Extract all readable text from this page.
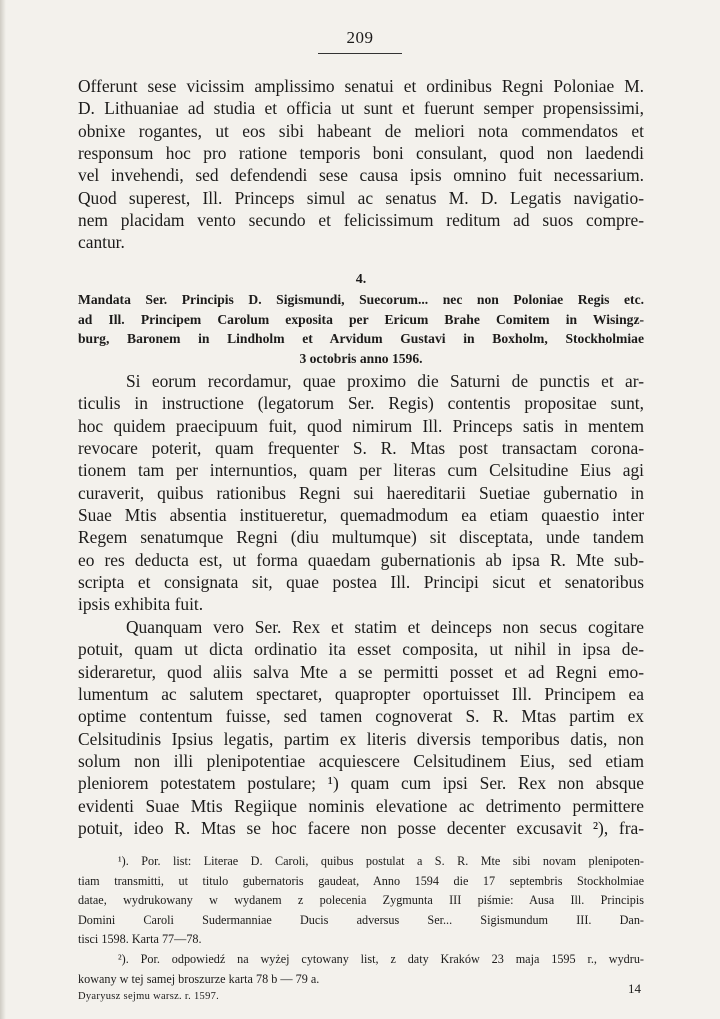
209
Offerunt sese vicissim amplissimo senatui et ordinibus Regni Poloniae M.
D. Lithuaniae ad studia et officia ut sunt et fuerunt semper propensissimi,
obnixe rogantes, ut eos sibi habeant de meliori nota commendatos et
responsum hoc pro ratione temporis boni consulant, quod non laedendi
vel invehendi, sed defendendi sese causa ipsis omnino fuit necessarium.
Quod superest, Ill. Princeps simul ac senatus M. D. Legatis navigatio-
nem placidam vento secundo et felicissimum reditum ad suos compre-
cantur.
4.
Mandata Ser. Principis D. Sigismundi, Suecorum... nec non Poloniae Regis etc.
ad Ill. Principem Carolum exposita per Ericum Brahe Comitem in Wisingz-
burg, Baronem in Lindholm et Arvidum Gustavi in Boxholm, Stockholmiae
3 octobris anno 1596.
Si eorum recordamur, quae proximo die Saturni de punctis et ar-
ticulis in instructione (legatorum Ser. Regis) contentis propositae sunt,
hoc quidem praecipuum fuit, quod nimirum Ill. Princeps satis in mentem
revocare poterit, quam frequenter S. R. Mtas post transactam corona-
tionem tam per internuntios, quam per literas cum Celsitudine Eius agi
curaverit, quibus rationibus Regni sui haereditarii Suetiae gubernatio in
Suae Mtis absentia institueretur, quemadmodum ea etiam quaestio inter
Regem senatumque Regni (diu multumque) sit disceptata, unde tandem
eo res deducta est, ut forma quaedam gubernationis ab ipsa R. Mte sub-
scripta et consignata sit, quae postea Ill. Principi sicut et senatoribus
ipsis exhibita fuit.
Quanquam vero Ser. Rex et statim et deinceps non secus cogitare
potuit, quam ut dicta ordinatio ita esset composita, ut nihil in ipsa de-
sideraretur, quod aliis salva Mte a se permitti posset et ad Regni emo-
lumentum ac salutem spectaret, quapropter oportuisset Ill. Principem ea
optime contentum fuisse, sed tamen cognoverat S. R. Mtas partim ex
Celsitudinis Ipsius legatis, partim ex literis diversis temporibus datis, non
solum non illi plenipotentiae acquiescere Celsitudinem Eius, sed etiam
pleniorem potestatem postulare; ¹) quam cum ipsi Ser. Rex non absque
evidenti Suae Mtis Regiique nominis elevatione ac detrimento permittere
potuit, ideo R. Mtas se hoc facere non posse decenter excusavit ²), fra-
¹). Por. list: Literae D. Caroli, quibus postulat a S. R. Mte sibi novam plenipoten-
tiam transmitti, ut titulo gubernatoris gaudeat, Anno 1594 die 17 septembris Stockholmiae
datae, wydrukowany w wydanem z polecenia Zygmunta III piśmie: Ausa Ill. Principis
Domini Caroli Sudermanniae Ducis adversus Ser... Sigismundum III. Dan-
tisci 1598. Karta 77—78.
²). Por. odpowiedź na wyżej cytowany list, z daty Kraków 23 maja 1595 r., wydru-
kowany w tej samej broszurze karta 78 b — 79 a.
Dyaryusz sejmu warsz. r. 1597.
14
